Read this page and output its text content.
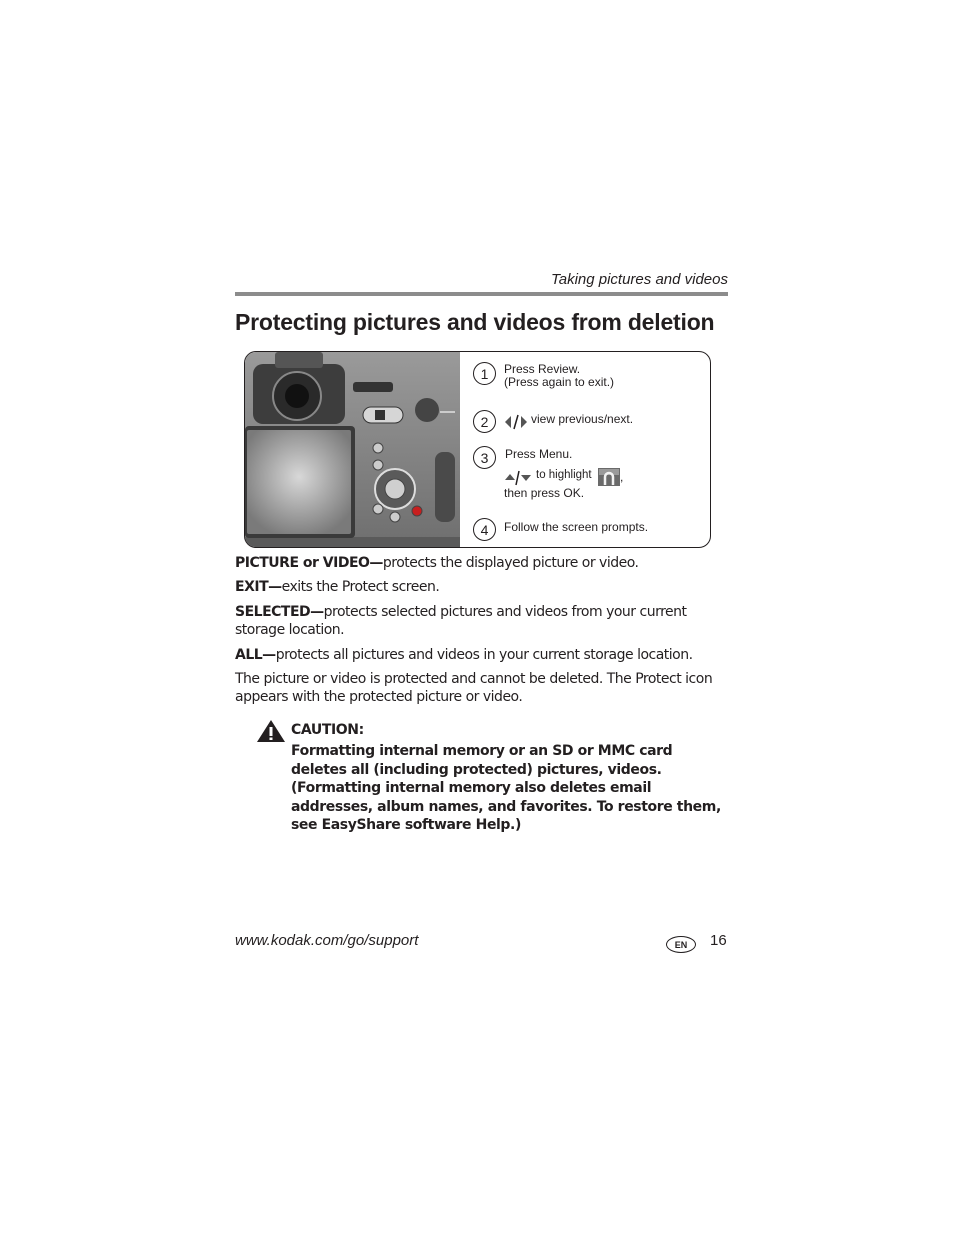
Taking pictures and videos
Protecting pictures and videos from deletion
1	Press Review.
(Press again to exit.)
2	view previous/next.
3	Press Menu.
to highlight ,
then press OK.
4	Follow the screen prompts.
PICTURE or VIDEO—protects the displayed picture or video.
EXIT—exits the Protect screen.
SELECTED—protects selected pictures and videos from your current storage location.
ALL—protects all pictures and videos in your current storage location.
The picture or video is protected and cannot be deleted. The Protect icon appears with the protected picture or video.
CAUTION:
Formatting internal memory or an SD or MMC card deletes all (including protected) pictures, videos. (Formatting internal memory also deletes email addresses, album names, and favorites. To restore them, see EasyShare software Help.)
www.kodak.com/go/support	EN	16
